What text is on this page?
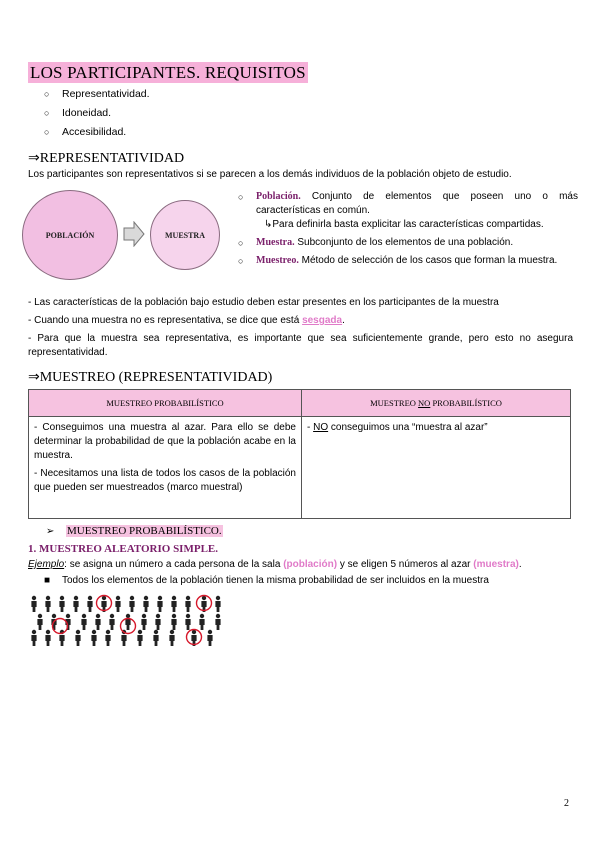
LOS PARTICIPANTES. REQUISITOS
○ Representatividad.
○ Idoneidad.
○ Accesibilidad.
⇒REPRESENTATIVIDAD
Los participantes son representativos si se parecen a los demás individuos de la población objeto de estudio.
POBLACIÓN	MUESTRA
○ Población. Conjunto de elementos que poseen uno o más características en común.
↳Para definirla basta explicitar las características compartidas.
○ Muestra. Subconjunto de los elementos de una población.
○ Muestreo. Método de selección de los casos que forman la muestra.
- Las características de la población bajo estudio deben estar presentes en los participantes de la muestra
- Cuando una muestra no es representativa, se dice que está sesgada.
- Para que la muestra sea representativa, es importante que sea suficientemente grande, pero esto no asegura representatividad.
⇒MUESTREO (REPRESENTATIVIDAD)
MUESTREO PROBABILÍSTICO	MUESTREO NO PROBABILÍSTICO

- Conseguimos una muestra al azar. Para ello se debe determinar la probabilidad de que la población acabe en la muestra.
- Necesitamos una lista de todos los casos de la población que pueden ser muestreados (marco muestral)	- NO conseguimos una “muestra al azar”
➢ MUESTREO PROBABILÍSTICO.
1. MUESTREO ALEATORIO SIMPLE.
Ejemplo: se asigna un número a cada persona de la sala (población) y se eligen 5 números al azar (muestra).
■ Todos los elementos de la población tienen la misma probabilidad de ser incluidos en la muestra
2
